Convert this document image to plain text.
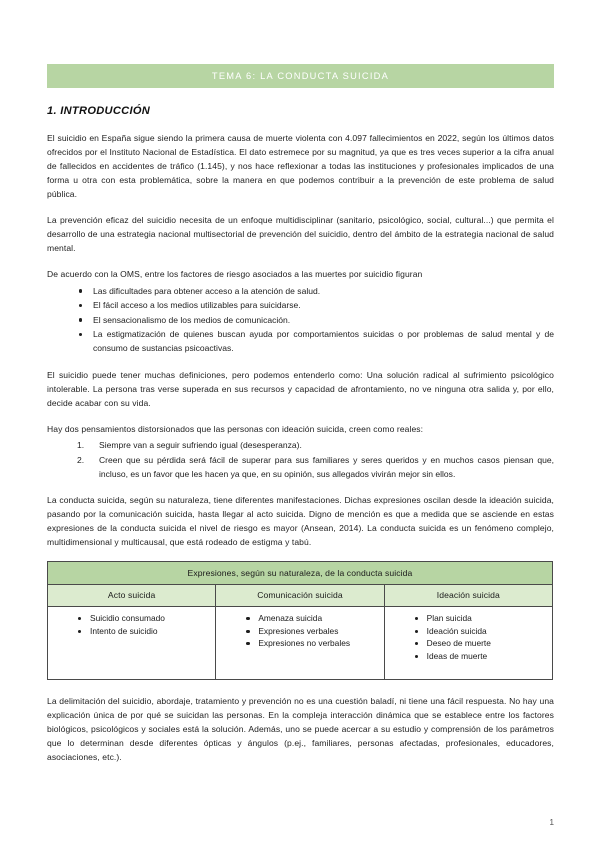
TEMA 6: LA CONDUCTA SUICIDA
1. INTRODUCCIÓN

El suicidio en España sigue siendo la primera causa de muerte violenta con 4.097 fallecimientos en 2022, según los últimos datos ofrecidos por el Instituto Nacional de Estadística. El dato estremece por su magnitud, ya que es tres veces superior a la cifra anual de fallecidos en accidentes de tráfico (1.145), y nos hace reflexionar a todas las instituciones y profesionales implicados de una forma u otra con esta problemática, sobre la manera en que podemos contribuir a la prevención de este problema de salud pública.

La prevención eficaz del suicidio necesita de un enfoque multidisciplinar (sanitario, psicológico, social, cultural...) que permita el desarrollo de una estrategia nacional multisectorial de prevención del suicidio, dentro del ámbito de la estrategia nacional de salud mental.

De acuerdo con la OMS, entre los factores de riesgo asociados a las muertes por suicidio figuran

Las dificultades para obtener acceso a la atención de salud.
El fácil acceso a los medios utilizables para suicidarse.
El sensacionalismo de los medios de comunicación.
La estigmatización de quienes buscan ayuda por comportamientos suicidas o por problemas de salud mental y de consumo de sustancias psicoactivas.

El suicidio puede tener muchas definiciones, pero podemos entenderlo como: Una solución radical al sufrimiento psicológico intolerable. La persona tras verse superada en sus recursos y capacidad de afrontamiento, no ve ninguna otra salida y, por ello, decide acabar con su vida.

Hay dos pensamientos distorsionados que las personas con ideación suicida, creen como reales:

Siempre van a seguir sufriendo igual (desesperanza).
Creen que su pérdida será fácil de superar para sus familiares y seres queridos y en muchos casos piensan que, incluso, es un favor que les hacen ya que, en su opinión, sus allegados vivirán mejor sin ellos.

La conducta suicida, según su naturaleza, tiene diferentes manifestaciones. Dichas expresiones oscilan desde la ideación suicida, pasando por la comunicación suicida, hasta llegar al acto suicida. Digno de mención es que a medida que se asciende en estas expresiones de la conducta suicida el nivel de riesgo es mayor (Ansean, 2014). La conducta suicida es un fenómeno complejo, multidimensional y multicausal, que está rodeado de estigma y tabú.

Expresiones, según su naturaleza, de la conducta suicida		
Acto suicida	Comunicación suicida	Ideación suicida

Suicidio consumado
Intento de suicidio

Amenaza suicida
Expresiones verbales
Expresiones no verbales

Plan suicida
Ideación suicida
Deseo de muerte
Ideas de muerte

La delimitación del suicidio, abordaje, tratamiento y prevención no es una cuestión baladí, ni tiene una fácil respuesta. No hay una explicación única de por qué se suicidan las personas. En la compleja interacción dinámica que se establece entre los factores biológicos, psicológicos y sociales está la solución. Además, uno se puede acercar a su estudio y comprensión de los parámetros que lo determinan desde diferentes ópticas y ángulos (p.ej., familiares, personas afectadas, profesionales, educadores, asociaciones, etc.).

1
